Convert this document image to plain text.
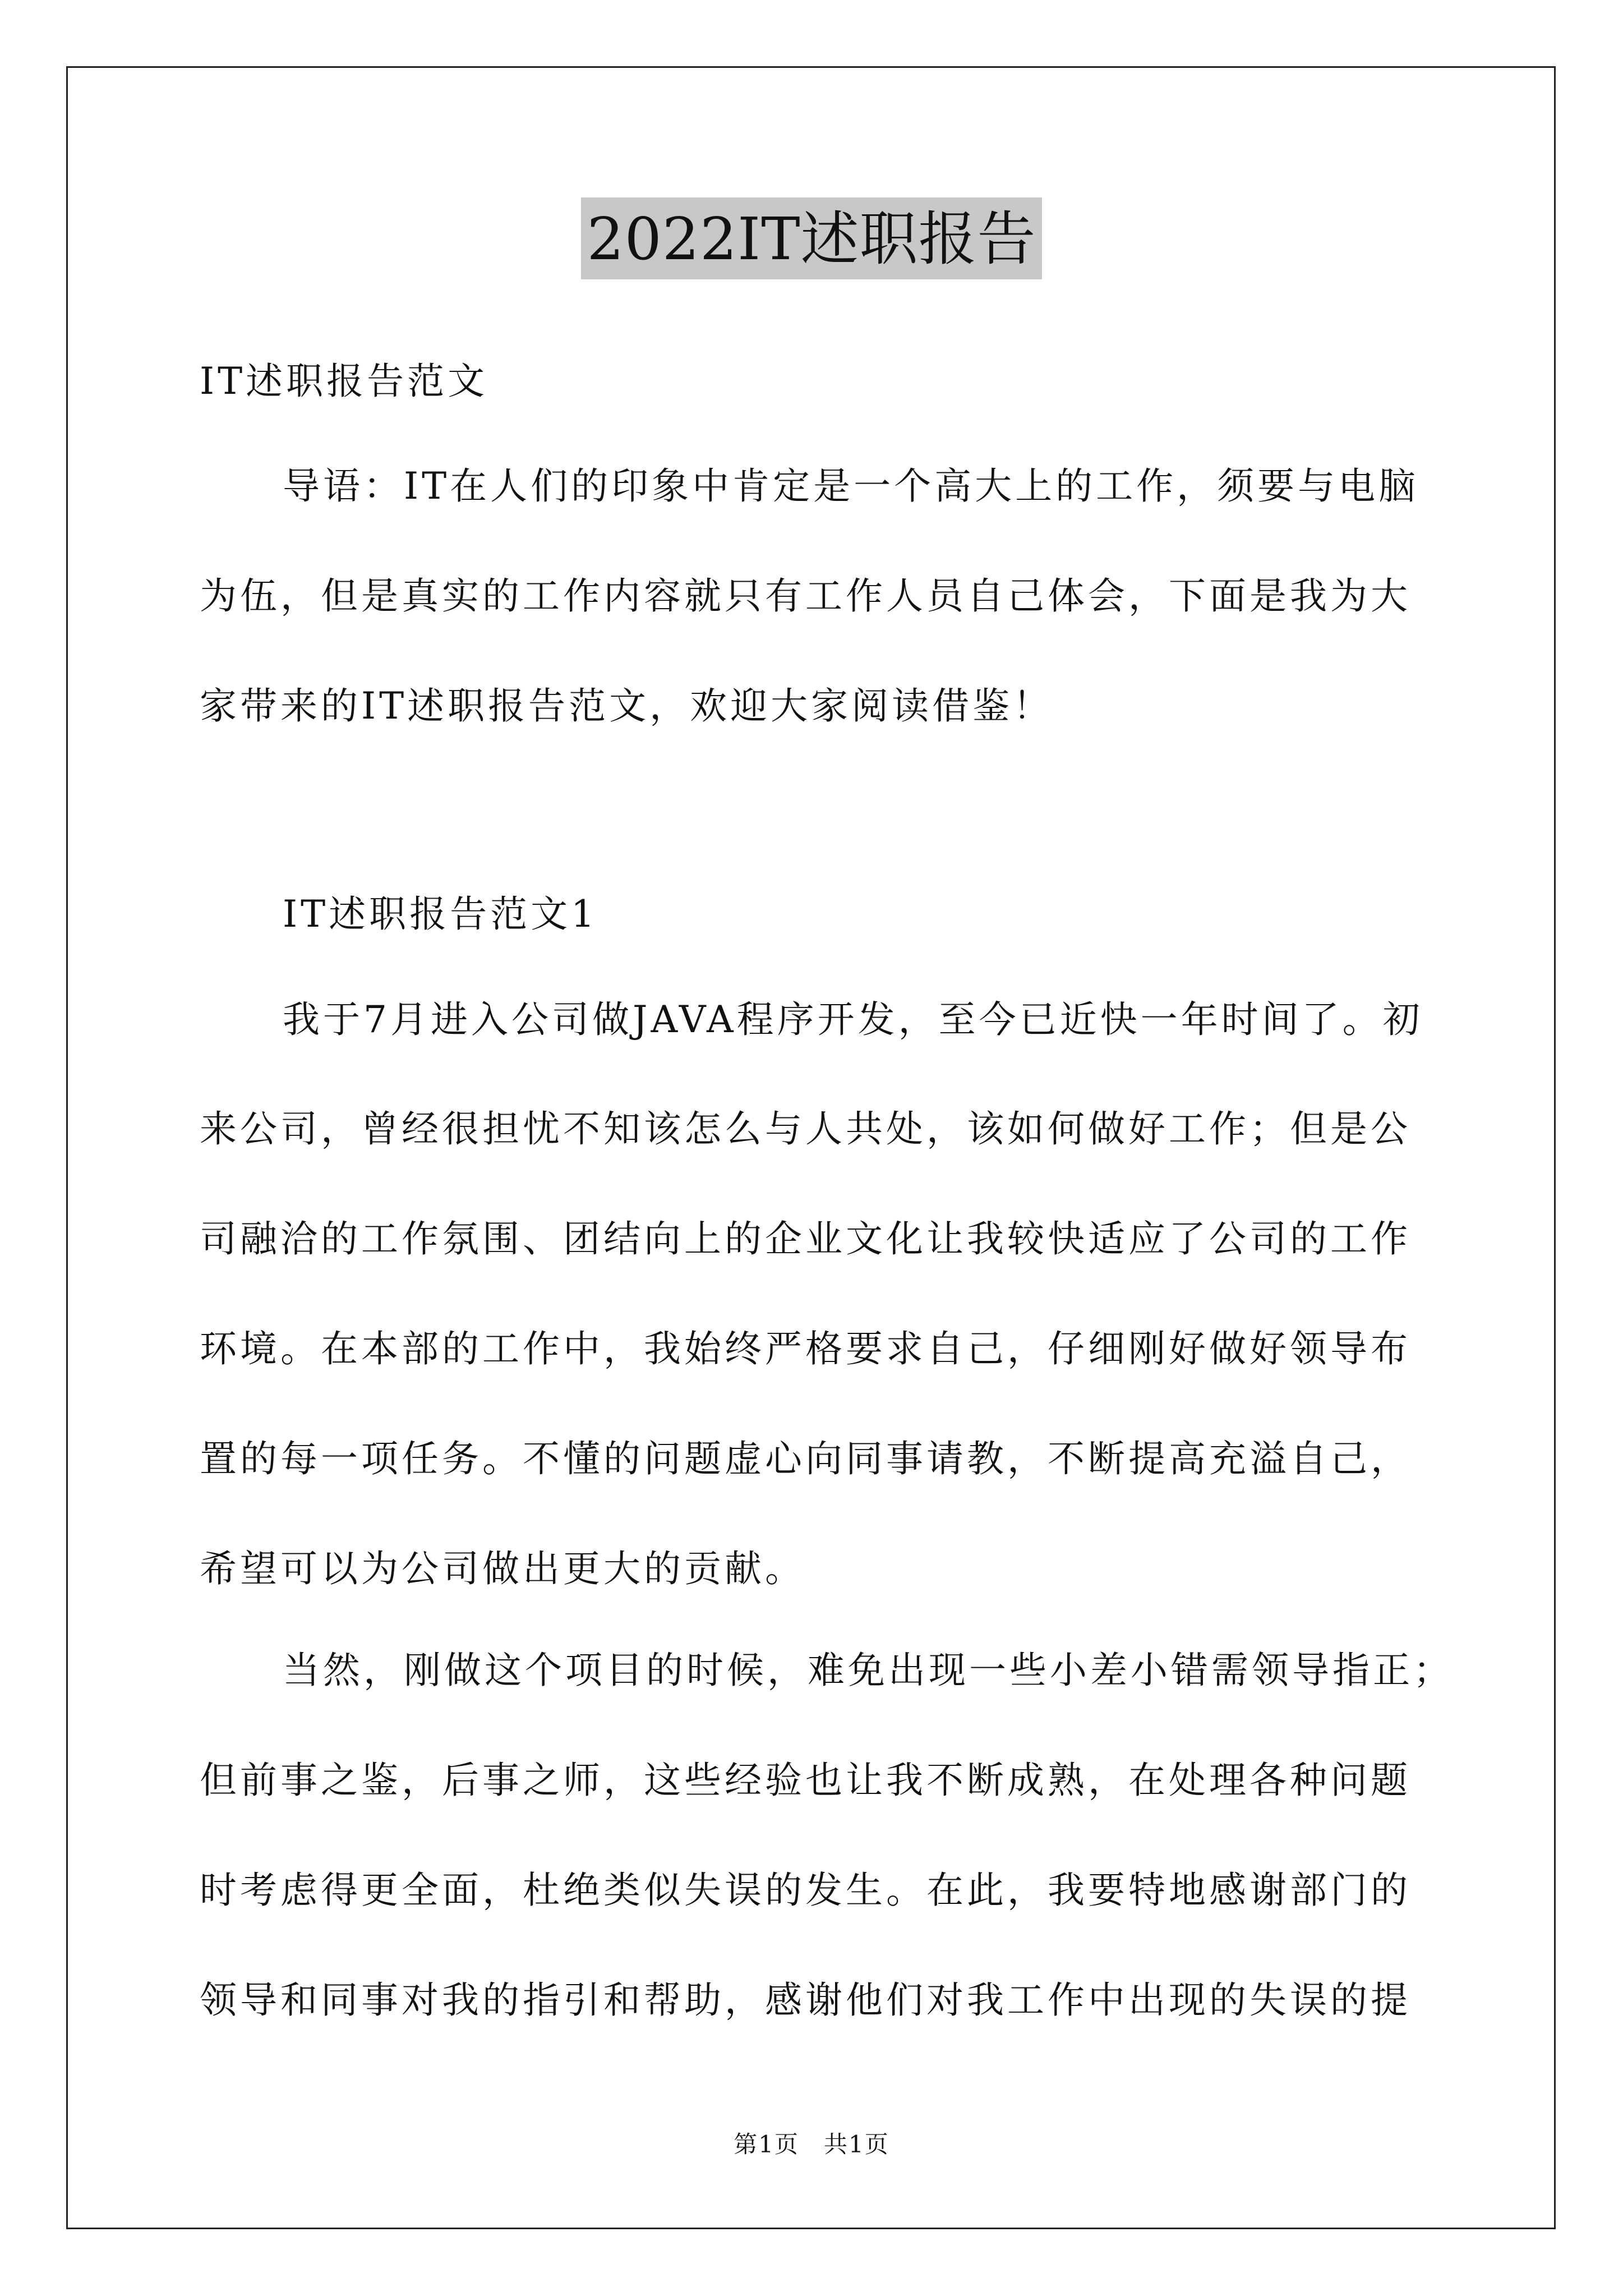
2022IT述职报告
IT述职报告范文
导语：IT在人们的印象中肯定是一个高大上的工作，须要与电脑
为伍，但是真实的工作内容就只有工作人员自己体会，下面是我为大
家带来的IT述职报告范文，欢迎大家阅读借鉴！
IT述职报告范文1
我于7月进入公司做JAVA程序开发，至今已近快一年时间了。初
来公司，曾经很担忧不知该怎么与人共处，该如何做好工作；但是公
司融洽的工作氛围、团结向上的企业文化让我较快适应了公司的工作
环境。在本部的工作中，我始终严格要求自己，仔细刚好做好领导布
置的每一项任务。不懂的问题虚心向同事请教，不断提高充溢自己，
希望可以为公司做出更大的贡献。
当然，刚做这个项目的时候，难免出现一些小差小错需领导指正；
但前事之鉴，后事之师，这些经验也让我不断成熟，在处理各种问题
时考虑得更全面，杜绝类似失误的发生。在此，我要特地感谢部门的
领导和同事对我的指引和帮助，感谢他们对我工作中出现的失误的提
第1页　共1页
